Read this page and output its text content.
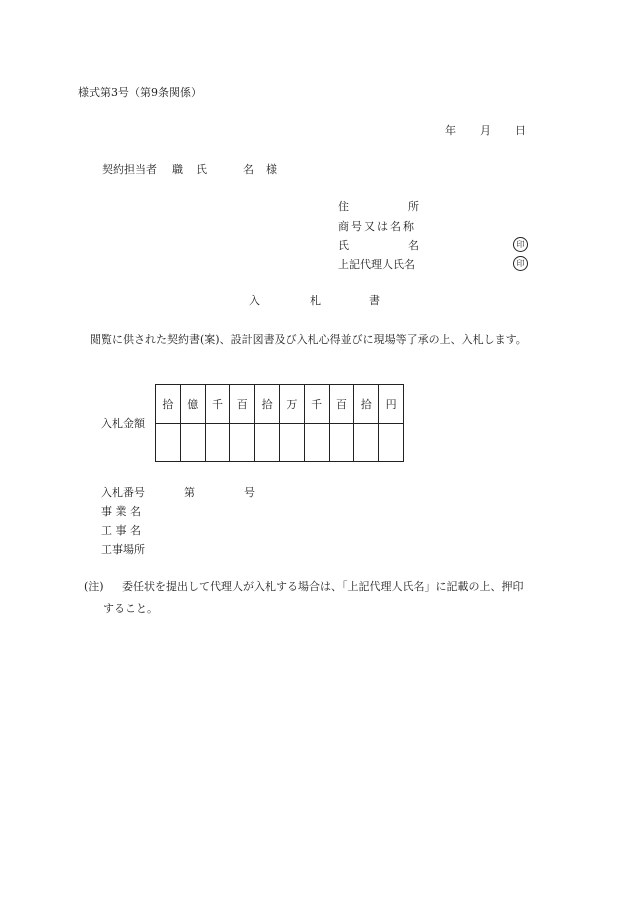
様式第3号（第9条関係）
年 月 日
契約担当者 職 氏	名 様
住	所
商号又は名称
氏	名	印
上記代理人氏名	印
入	札	書
閲覧に供された契約書(案)、設計図書及び入札心得並びに現場等了承の上、入札します。
入札金額
拾	億	千	百	拾	万	千	百	拾	円

入札番号	第	号
事 業 名
工 事 名
工事場所
(注) 委任状を提出して代理人が入札する場合は、「上記代理人氏名」に記載の上、押印
すること。
